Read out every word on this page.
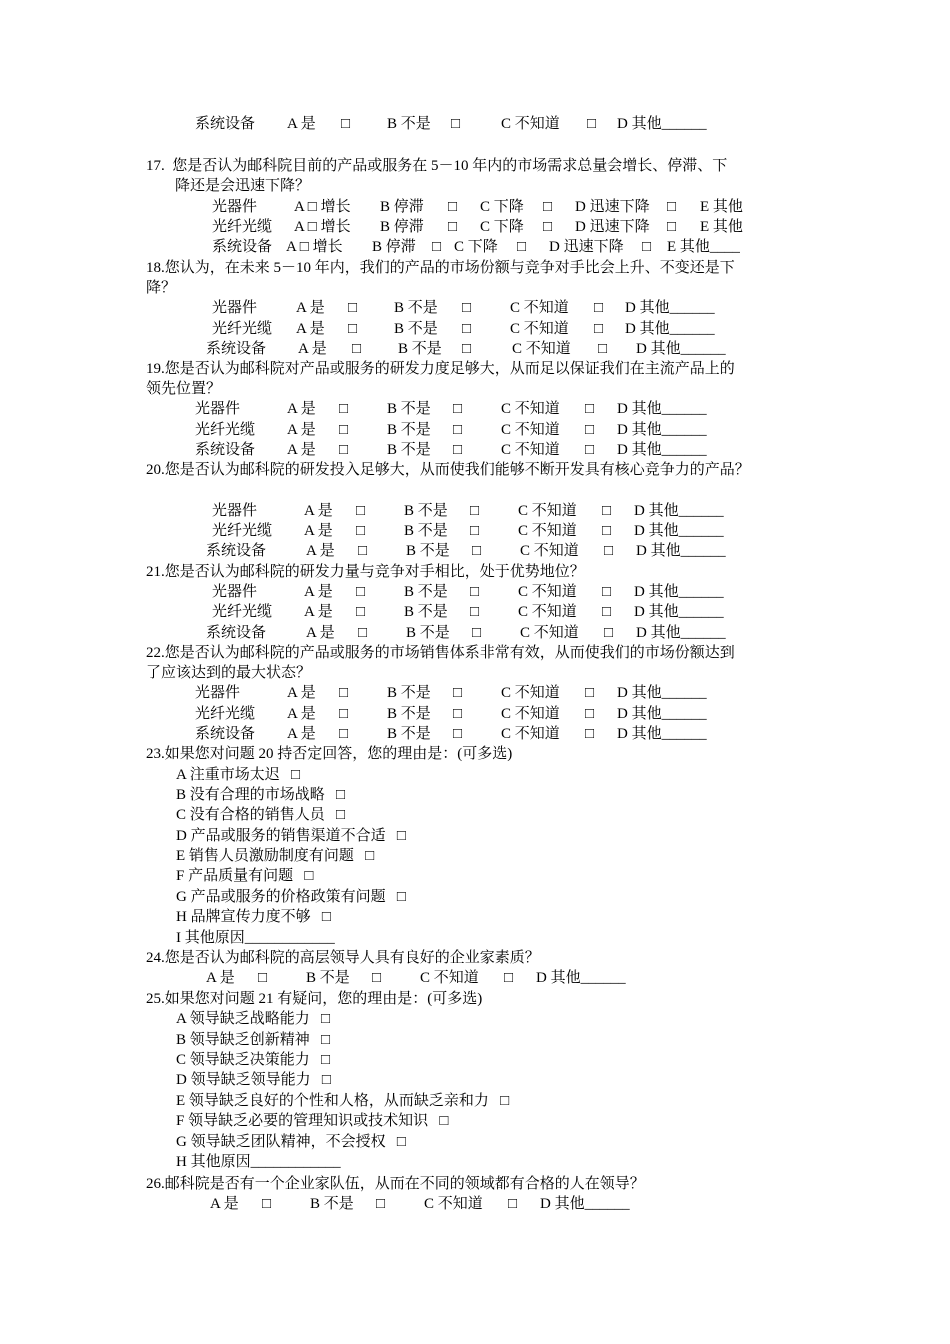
系统设备 A 是 □ B 不是 □	C 不知道 □ D 其他______
17.  您是否认为邮科院目前的产品或服务在 5－10 年内的市场需求总量会增长、停滞、下
降还是会迅速下降？
光器件 A □ 增长 B 停滞 □ C 下降 □ D 迅速下降 □ E 其他
光纤光缆 A □ 增长 B 停滞 □ C 下降 □ D 迅速下降 □ E 其他
系统设备 A □ 增长 B 停滞 □ C 下降 □ D 迅速下降 □ E 其他____
18.您认为，在未来 5－10 年内，我们的产品的市场份额与竞争对手比会上升、不变还是下
降？
光器件	A 是 □ B 不是 □	C 不知道 □ D 其他______
光纤光缆 A 是 □ B 不是 □	C 不知道 □ D 其他______
系统设备 A 是 □ B 不是 □	C 不知道 □ D 其他______
19.您是否认为邮科院对产品或服务的研发力度足够大，从而足以保证我们在主流产品上的
领先位置？
光器件	A 是 □	B 不是 □	C 不知道 □ D 其他______
光纤光缆 A 是 □	B 不是 □	C 不知道 □ D 其他______
系统设备 A 是 □	B 不是 □	C 不知道 □ D 其他______
20.您是否认为邮科院的研发投入足够大，从而使我们能够不断开发具有核心竞争力的产品？
光器件	A 是 □	B 不是 □	C 不知道 □ D 其他______
光纤光缆 A 是 □	B 不是 □	C 不知道 □ D 其他______
系统设备	A 是 □	B 不是 □	C 不知道 □ D 其他______
21.您是否认为邮科院的研发力量与竞争对手相比，处于优势地位？
光器件	A 是 □	B 不是 □	C 不知道 □ D 其他______
光纤光缆 A 是 □	B 不是 □	C 不知道 □ D 其他______
系统设备	A 是 □	B 不是 □	C 不知道 □ D 其他______
22.您是否认为邮科院的产品或服务的市场销售体系非常有效，从而使我们的市场份额达到
了应该达到的最大状态？
光器件	A 是 □	B 不是 □	C 不知道 □ D 其他______
光纤光缆 A 是 □	B 不是 □	C 不知道 □ D 其他______
系统设备 A 是 □	B 不是 □	C 不知道 □ D 其他______
23.如果您对问题 20 持否定回答，您的理由是：(可多选)
A 注重市场太迟   □
B 没有合理的市场战略   □
C 没有合格的销售人员   □
D 产品或服务的销售渠道不合适   □
E 销售人员激励制度有问题   □
F 产品质量有问题   □
G 产品或服务的价格政策有问题   □
H 品牌宣传力度不够   □
I 其他原因____________
24.您是否认为邮科院的高层领导人具有良好的企业家素质？
A 是 □	B 不是 □	C 不知道 □ D 其他______
25.如果您对问题 21 有疑问，您的理由是：(可多选)
A 领导缺乏战略能力   □
B 领导缺乏创新精神   □
C 领导缺乏决策能力   □
D 领导缺乏领导能力   □
E 领导缺乏良好的个性和人格，从而缺乏亲和力   □
F 领导缺乏必要的管理知识或技术知识   □
G 领导缺乏团队精神，不会授权   □
H 其他原因____________
26.邮科院是否有一个企业家队伍，从而在不同的领域都有合格的人在领导？
A 是 □	B 不是 □	C 不知道 □ D 其他______
